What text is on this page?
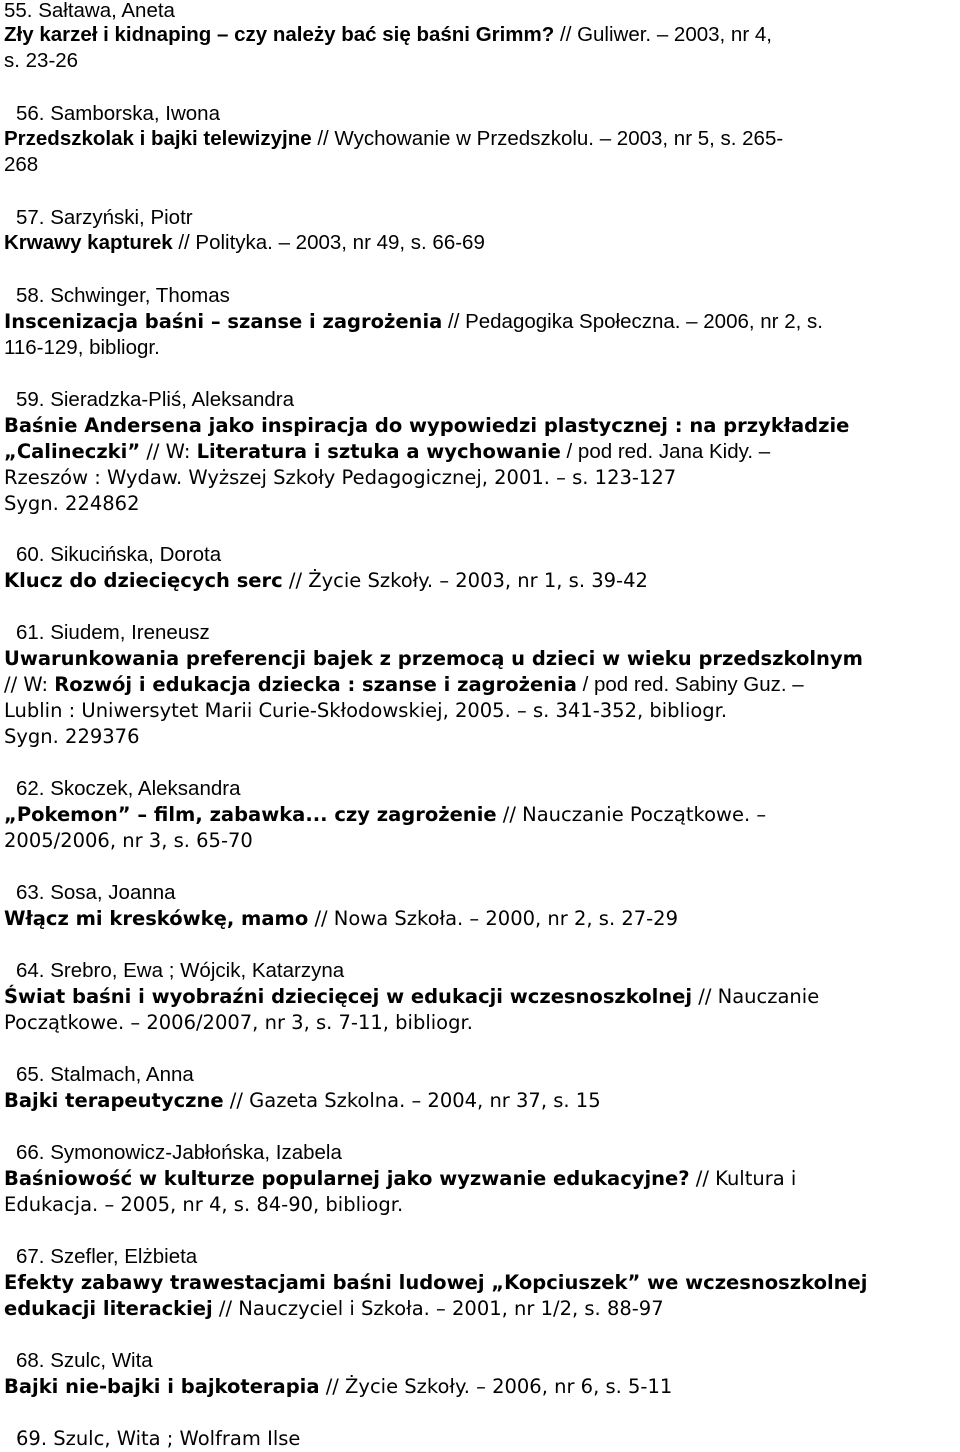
55. Sałtawa, Aneta
Zły karzeł i kidnaping – czy należy bać się baśni Grimm? // Guliwer. – 2003, nr 4,
s. 23-26
56. Samborska, Iwona
Przedszkolak i bajki telewizyjne // Wychowanie w Przedszkolu. – 2003, nr 5, s. 265-
268
57. Sarzyński, Piotr
Krwawy kapturek // Polityka. – 2003, nr 49, s. 66-69
58. Schwinger, Thomas
Inscenizacja baśni – szanse i zagrożenia // Pedagogika Społeczna. – 2006, nr 2, s.
116-129, bibliogr.
59. Sieradzka-Pliś, Aleksandra
Baśnie Andersena jako inspiracja do wypowiedzi plastycznej : na przykładzie
„Calineczki” // W: Literatura i sztuka a wychowanie / pod red. Jana Kidy. –
Rzeszów : Wydaw. Wyższej Szkoły Pedagogicznej, 2001. – s. 123-127
Sygn. 224862
60. Sikucińska, Dorota
Klucz do dziecięcych serc // Życie Szkoły. – 2003, nr 1, s. 39-42
61. Siudem, Ireneusz
Uwarunkowania preferencji bajek z przemocą u dzieci w wieku przedszkolnym
// W: Rozwój i edukacja dziecka : szanse i zagrożenia / pod red. Sabiny Guz. –
Lublin : Uniwersytet Marii Curie-Skłodowskiej, 2005. – s. 341-352, bibliogr.
Sygn. 229376
62. Skoczek, Aleksandra
„Pokemon” – film, zabawka... czy zagrożenie // Nauczanie Początkowe. –
2005/2006, nr 3, s. 65-70
63. Sosa, Joanna
Włącz mi kreskówkę, mamo // Nowa Szkoła. – 2000, nr 2, s. 27-29
64. Srebro, Ewa ; Wójcik, Katarzyna
Świat baśni i wyobraźni dziecięcej w edukacji wczesnoszkolnej // Nauczanie
Początkowe. – 2006/2007, nr 3, s. 7-11, bibliogr.
65. Stalmach, Anna
Bajki terapeutyczne // Gazeta Szkolna. – 2004, nr 37, s. 15
66. Symonowicz-Jabłońska, Izabela
Baśniowość w kulturze popularnej jako wyzwanie edukacyjne? // Kultura i
Edukacja. – 2005, nr 4, s. 84-90, bibliogr.
67. Szefler, Elżbieta
Efekty zabawy trawestacjami baśni ludowej „Kopciuszek” we wczesnoszkolnej
edukacji literackiej // Nauczyciel i Szkoła. – 2001, nr 1/2, s. 88-97
68. Szulc, Wita
Bajki nie-bajki i bajkoterapia // Życie Szkoły. – 2006, nr 6, s. 5-11
69. Szulc, Wita ; Wolfram Ilse
